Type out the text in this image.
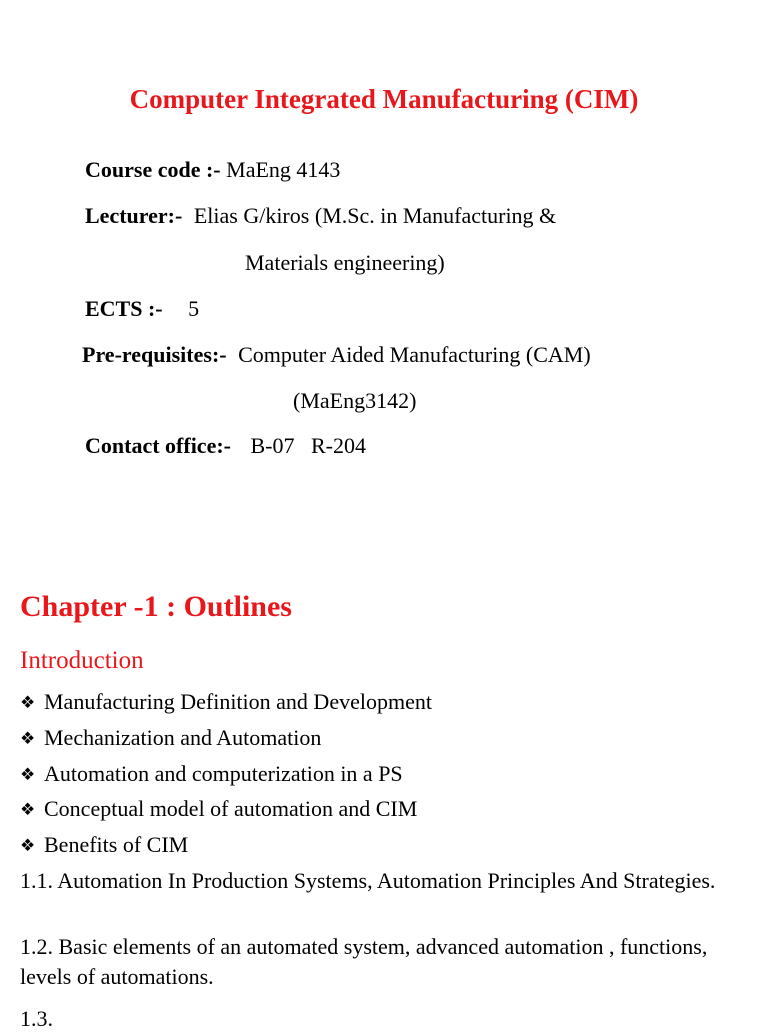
Computer Integrated Manufacturing (CIM)
Course code :- MaEng 4143
Lecturer:- Elias G/kiros (M.Sc. in Manufacturing &
Materials engineering)
ECTS :- 5
Pre-requisites:- Computer Aided Manufacturing (CAM)
(MaEng3142)
Contact office:- B-07   R-204
Chapter -1 : Outlines
Introduction
❖ Manufacturing Definition and Development
❖ Mechanization and Automation
❖ Automation and computerization in a PS
❖ Conceptual model of automation and CIM
❖ Benefits of CIM
1.1. Automation In Production Systems, Automation Principles And Strategies.
1.2. Basic elements of an automated system, advanced automation , functions, levels of automations.
1.3.
